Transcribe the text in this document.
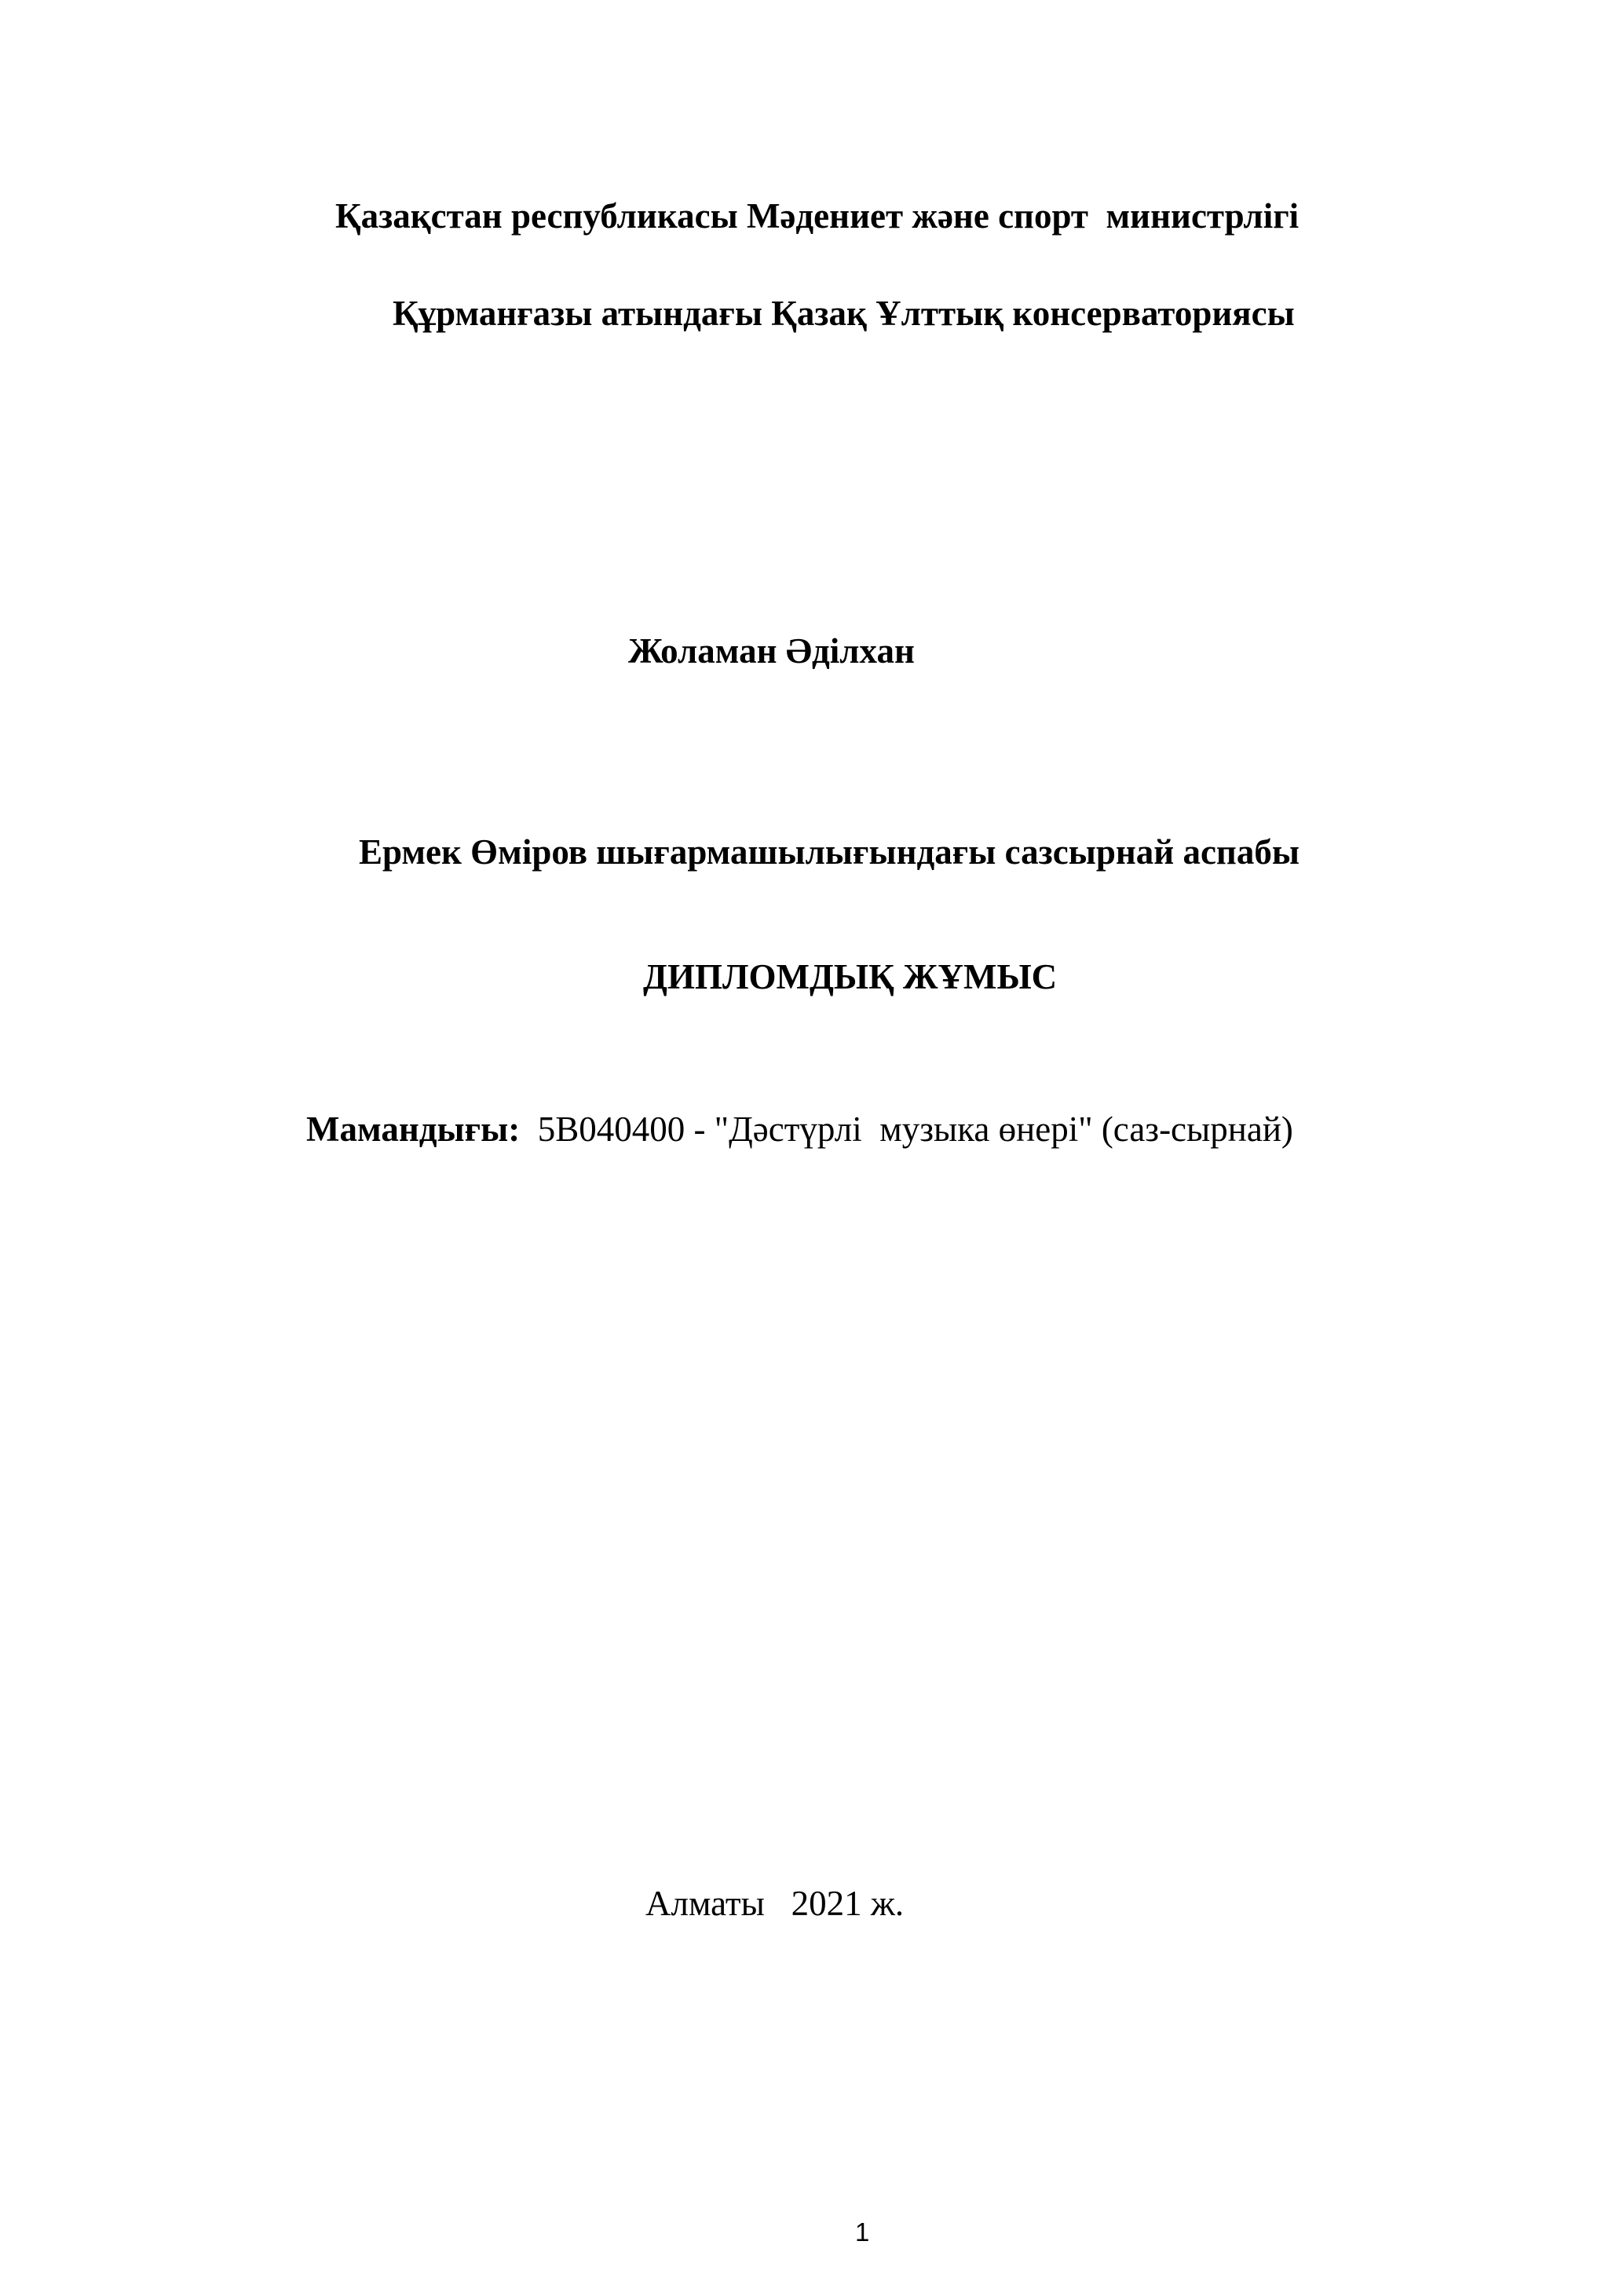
Қазақстан республикасы Мәдениет және спорт  министрлігі
Құрманғазы атындағы Қазақ Ұлттық консерваториясы
Жоламан Әділхан
Ермек Өміров шығармашылығындағы сазсырнай аспабы
ДИПЛОМДЫҚ ЖҰМЫС
Мамандығы: 5В040400 - "Дәстүрлі  музыка өнері" (саз-сырнай)
Алматы   2021 ж.
1
